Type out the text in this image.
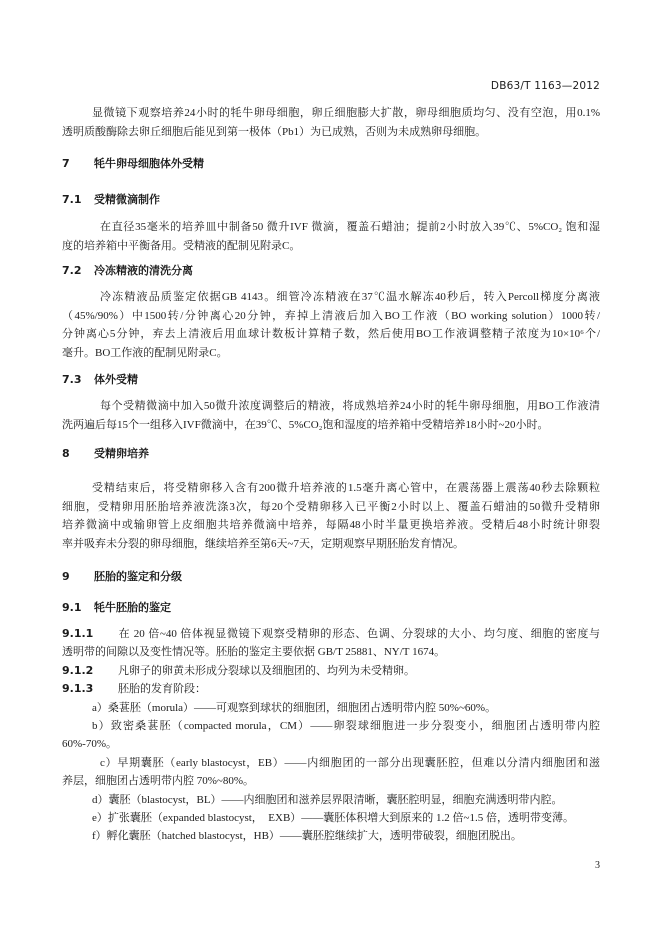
DB63/T 1163—2012
显微镜下观察培养24小时的牦牛卵母细胞，卵丘细胞膨大扩散，卵母细胞质均匀、没有空泡，用0.1%
透明质酸酶除去卵丘细胞后能见到第一极体（Pb1）为已成熟，否则为未成熟卵母细胞。
7 牦牛卵母细胞体外受精
7.1 受精微滴制作
在直径35毫米的培养皿中制备50 微升IVF 微滴，覆盖石蜡油；提前2小时放入39℃、5%CO₂ 饱和湿
度的培养箱中平衡备用。受精液的配制见附录C。
7.2 冷冻精液的清洗分离
冷冻精液品质鉴定依据GB 4143。细管冷冻精液在37℃温水解冻40秒后，转入Percoll梯度分离液
（45%/90%）中1500转/分钟离心20分钟，弃掉上清液后加入BO工作液（BO working solution）1000转/
分钟离心5分钟，弃去上清液后用血球计数板计算精子数，然后使用BO工作液调整精子浓度为10×10⁶个/
毫升。BO工作液的配制见附录C。
7.3 体外受精
每个受精微滴中加入50微升浓度调整后的精液，将成熟培养24小时的牦牛卵母细胞，用BO工作液清
洗两遍后每15个一组移入IVF微滴中，在39℃、5%CO₂饱和湿度的培养箱中受精培养18小时~20小时。
8 受精卵培养
受精结束后，将受精卵移入含有200微升培养液的1.5毫升离心管中，在震荡器上震荡40秒去除颗粒
细胞，受精卵用胚胎培养液洗涤3次，每20个受精卵移入已平衡2小时以上、覆盖石蜡油的50微升受精卵
培养微滴中或输卵管上皮细胞共培养微滴中培养，每隔48小时半量更换培养液。受精后48小时统计卵裂
率并吸弃未分裂的卵母细胞，继续培养至第6天~7天，定期观察早期胚胎发育情况。
9 胚胎的鉴定和分级
9.1 牦牛胚胎的鉴定
9.1.1 在 20 倍~40 倍体视显微镜下观察受精卵的形态、色调、分裂球的大小、均匀度、细胞的密度与
透明带的间隙以及变性情况等。胚胎的鉴定主要依据 GB/T 25881、NY/T 1674。
9.1.2 凡卵子的卵黄未形成分裂球以及细胞团的、均列为未受精卵。
9.1.3 胚胎的发育阶段：
a）桑葚胚（morula）——可观察到球状的细胞团，细胞团占透明带内腔 50%~60%。
b）致密桑葚胚（compacted morula，CM）——卵裂球细胞进一步分裂变小，细胞团占透明带内腔
60%-70%。
c）早期囊胚（early blastocyst，EB）——内细胞团的一部分出现囊胚腔，但难以分清内细胞团和滋
养层，细胞团占透明带内腔 70%~80%。
d）囊胚（blastocyst，BL）——内细胞团和滋养层界限清晰，囊胚腔明显，细胞充满透明带内腔。
e）扩张囊胚（expanded blastocyst，　EXB）——囊胚体积增大到原来的 1.2 倍~1.5 倍，透明带变薄。
f）孵化囊胚（hatched blastocyst，HB）——囊胚腔继续扩大，透明带破裂，细胞团脱出。
3
